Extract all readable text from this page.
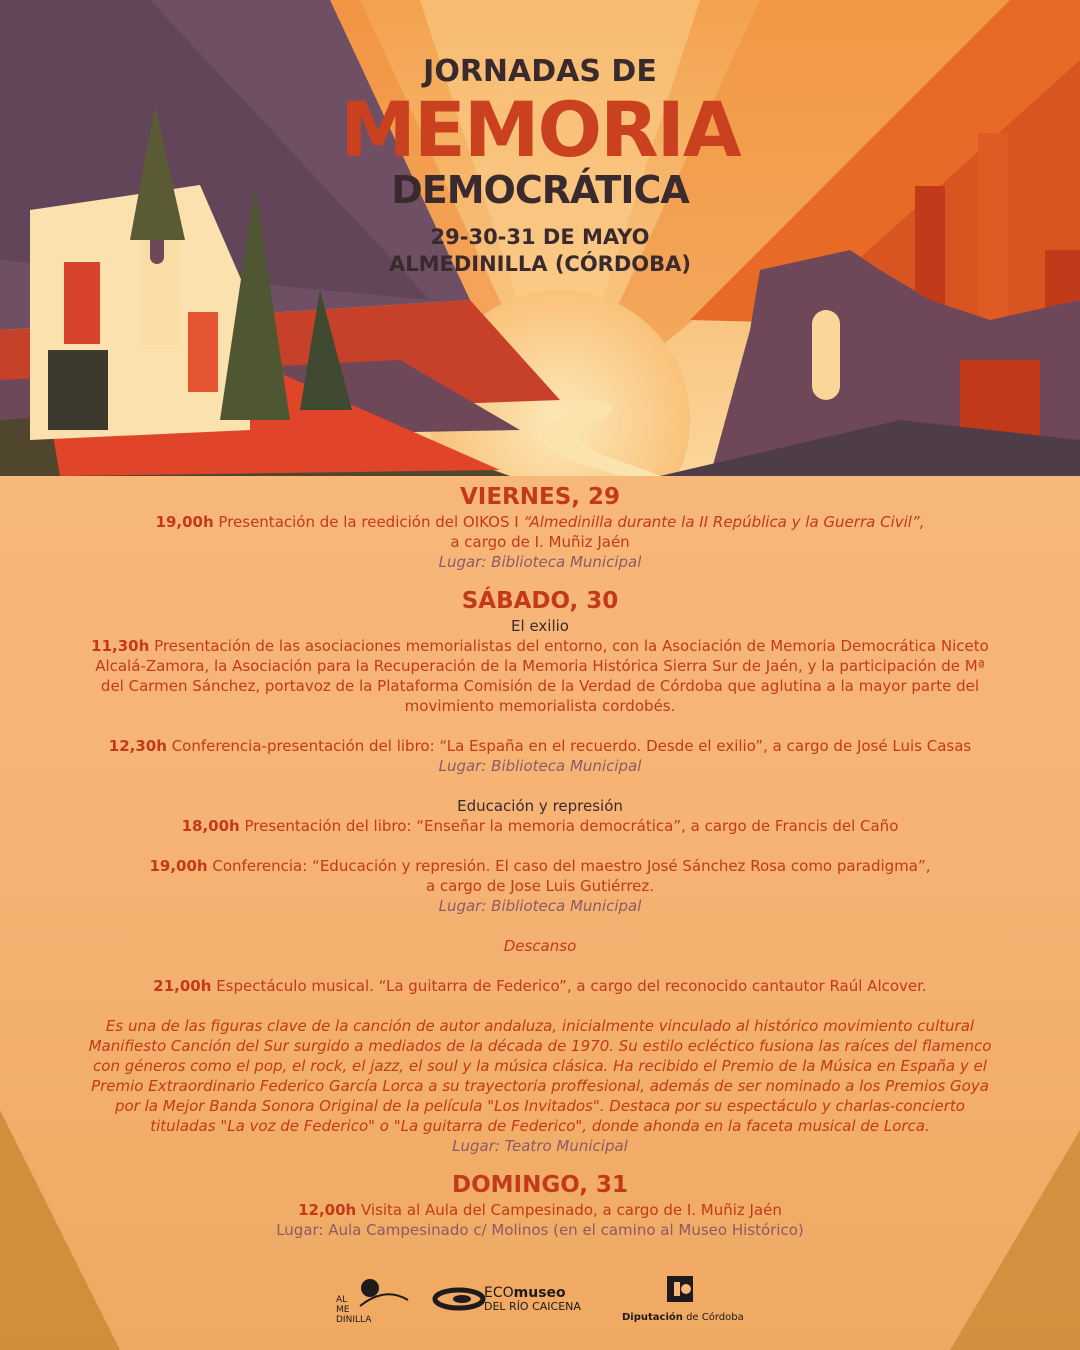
JORNADAS DE
MEMORIA
DEMOCRÁTICA
29-30-31 DE MAYO
ALMEDINILLA (CÓRDOBA)
VIERNES, 29
19,00h Presentación de la reedición del OIKOS I “Almedinilla durante la II República y la Guerra Civil”,
a cargo de I. Muñiz Jaén
Lugar: Biblioteca Municipal
SÁBADO, 30
El exilio
11,30h Presentación de las asociaciones memorialistas del entorno, con la Asociación de Memoria Democrática Niceto
Alcalá-Zamora, la Asociación para la Recuperación de la Memoria Histórica Sierra Sur de Jaén, y la participación de Mª
del Carmen Sánchez, portavoz de la Plataforma Comisión de la Verdad de Córdoba que aglutina a la mayor parte del
movimiento memorialista cordobés.
12,30h Conferencia-presentación del libro: “La España en el recuerdo. Desde el exilio”, a cargo de José Luis Casas
Lugar: Biblioteca Municipal
Educación y represión
18,00h Presentación del libro: “Enseñar la memoria democrática”, a cargo de Francis del Caño
19,00h Conferencia: “Educación y represión. El caso del maestro José Sánchez Rosa como paradigma”,
a cargo de Jose Luis Gutiérrez.
Lugar: Biblioteca Municipal
Descanso
21,00h Espectáculo musical. “La guitarra de Federico”, a cargo del reconocido cantautor Raúl Alcover.
Es una de las figuras clave de la canción de autor andaluza, inicialmente vinculado al histórico movimiento cultural
Manifiesto Canción del Sur surgido a mediados de la década de 1970. Su estilo ecléctico fusiona las raíces del flamenco
con géneros como el pop, el rock, el jazz, el soul y la música clásica. Ha recibido el Premio de la Música en España y el
Premio Extraordinario Federico García Lorca a su trayectoria proffesional, además de ser nominado a los Premios Goya
por la Mejor Banda Sonora Original de la película "Los Invitados". Destaca por su espectáculo y charlas-concierto
tituladas "La voz de Federico" o "La guitarra de Federico", donde ahonda en la faceta musical de Lorca.
Lugar: Teatro Municipal
DOMINGO, 31
12,00h Visita al Aula del Campesinado, a cargo de I. Muñiz Jaén
Lugar: Aula Campesinado c/ Molinos (en el camino al Museo Histórico)
AL
ME
DINILLA
ECOmuseo
DEL RÍO CAICENA
Diputación de Córdoba
